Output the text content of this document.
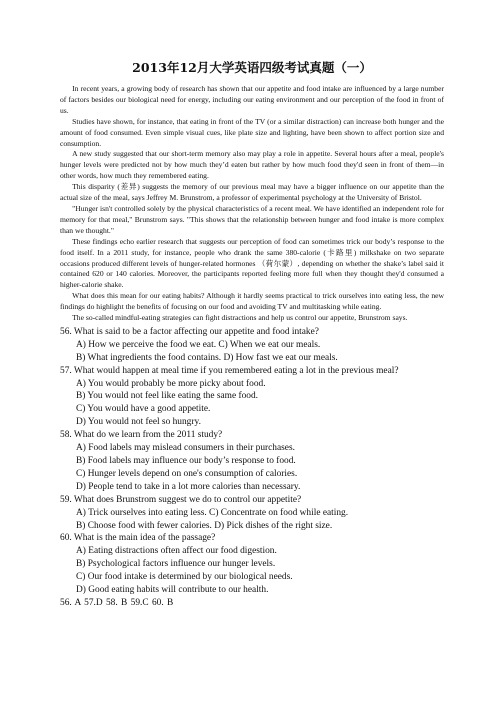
2013年12月大学英语四级考试真题（一）

In recent years, a growing body of research has shown that our appetite and food intake are influenced by a large number of factors besides our biological need for energy, including our eating environment and our perception of the food in front of us.

Studies have shown, for instance, that eating in front of the TV (or a similar distraction) can increase both hunger and the amount of food consumed. Even simple visual cues, like plate size and lighting, have been shown to affect portion size and consumption.

A new study suggested that our short-term memory also may play a role in appetite. Several hours after a meal, people's hunger levels were predicted not by how much they’d eaten but rather by how much food they'd seen in front of them—in other words, how much they remembered eating.

This disparity (差异) suggests the memory of our previous meal may have a bigger influence on our appetite than the actual size of the meal, says Jeffrey M. Brunstrom, a professor of experimental psychology at the University of Bristol.

"Hunger isn't controlled solely by the physical characteristics of a recent meal. We have identified an independent role for memory for that meal," Brunstrom says. "This shows that the relationship between hunger and food intake is more complex than we thought."

These findings echo earlier research that suggests our perception of food can sometimes trick our body’s response to the food itself. In a 2011 study, for instance, people who drank the same 380-calorie (卡路里) milkshake on two separate occasions produced different levels of hunger-related hormones （荷尔蒙）, depending on whether the shake’s label said it contained 620 or 140 calories. Moreover, the participants reported feeling more full when they thought they'd consumed a higher-calorie shake.

What does this mean for our eating habits? Although it hardly seems practical to trick ourselves into eating less, the new findings do highlight the benefits of focusing on our food and avoiding TV and multitasking while eating.

The so-called mindful-eating strategies can fight distractions and help us control our appetite, Brunstrom says.

56. What is said to be a factor affecting our appetite and food intake?

A) How we perceive the food we eat. C) When we eat our meals.

B) What ingredients the food contains. D) How fast we eat our meals.

57. What would happen at meal time if you remembered eating a lot in the previous meal?

A) You would probably be more picky about food.

B) You would not feel like eating the same food.

C) You would have a good appetite.

D) You would not feel so hungry.

58. What do we learn from the 2011 study?

A) Food labels may mislead consumers in their purchases.

B) Food labels may influence our body’s response to food.

C) Hunger levels depend on one's consumption of calories.

D) People tend to take in a lot more calories than necessary.

59. What does Brunstrom suggest we do to control our appetite?

A) Trick ourselves into eating less. C) Concentrate on food while eating.

B) Choose food with fewer calories. D) Pick dishes of the right size.

60. What is the main idea of the passage?

A) Eating distractions often affect our food digestion.

B) Psychological factors influence our hunger levels.

C) Our food intake is determined by our biological needs.

D) Good eating habits will contribute to our health.

56. A 57.D 58. B 59.C 60. B
